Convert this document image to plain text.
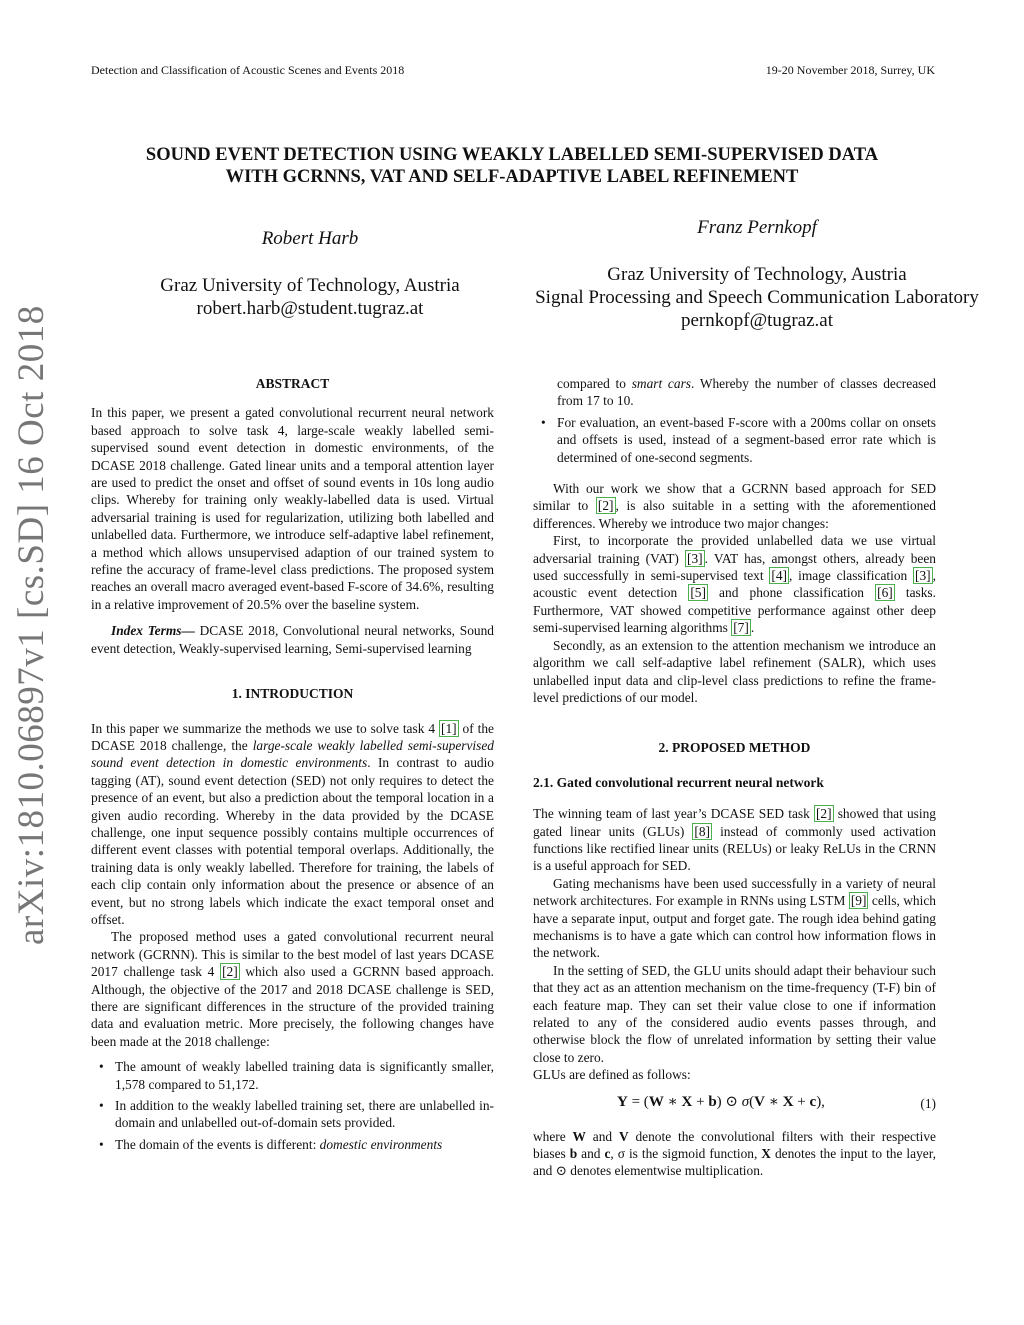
Detection and Classification of Acoustic Scenes and Events 2018	19-20 November 2018, Surrey, UK
SOUND EVENT DETECTION USING WEAKLY LABELLED SEMI-SUPERVISED DATA
WITH GCRNNS, VAT AND SELF-ADAPTIVE LABEL REFINEMENT
Robert Harb
Graz University of Technology, Austria
robert.harb@student.tugraz.at
Franz Pernkopf
Graz University of Technology, Austria
Signal Processing and Speech Communication Laboratory
pernkopf@tugraz.at
arXiv:1810.06897v1 [cs.SD] 16 Oct 2018	ABSTRACT

In this paper, we present a gated convolutional recurrent neural network based approach to solve task 4, large-scale weakly labelled semi-supervised sound event detection in domestic environments, of the DCASE 2018 challenge. Gated linear units and a temporal attention layer are used to predict the onset and offset of sound events in 10s long audio clips. Whereby for training only weakly-labelled data is used. Virtual adversarial training is used for regularization, utilizing both labelled and unlabelled data. Furthermore, we introduce self-adaptive label refinement, a method which allows unsupervised adaption of our trained system to refine the accuracy of frame-level class predictions. The proposed system reaches an overall macro averaged event-based F-score of 34.6%, resulting in a relative improvement of 20.5% over the baseline system.

Index Terms— DCASE 2018, Convolutional neural networks, Sound event detection, Weakly-supervised learning, Semi-supervised learning

1. INTRODUCTION

In this paper we summarize the methods we use to solve task 4 [1] of the DCASE 2018 challenge, the large-scale weakly labelled semi-supervised sound event detection in domestic environments. In contrast to audio tagging (AT), sound event detection (SED) not only requires to detect the presence of an event, but also a prediction about the temporal location in a given audio recording. Whereby in the data provided by the DCASE challenge, one input sequence possibly contains multiple occurrences of different event classes with potential temporal overlaps. Additionally, the training data is only weakly labelled. Therefore for training, the labels of each clip contain only information about the presence or absence of an event, but no strong labels which indicate the exact temporal onset and offset.

The proposed method uses a gated convolutional recurrent neural network (GCRNN). This is similar to the best model of last years DCASE 2017 challenge task 4 [2] which also used a GCRNN based approach. Although, the objective of the 2017 and 2018 DCASE challenge is SED, there are significant differences in the structure of the provided training data and evaluation metric. More precisely, the following changes have been made at the 2018 challenge:

• The amount of weakly labelled training data is significantly smaller, 1,578 compared to 51,172.
• In addition to the weakly labelled training set, there are unlabelled in-domain and unlabelled out-of-domain sets provided.
• The domain of the events is different: domestic environments
compared to smart cars. Whereby the number of classes decreased from 17 to 10.
• For evaluation, an event-based F-score with a 200ms collar on onsets and offsets is used, instead of a segment-based error rate which is determined of one-second segments.

With our work we show that a GCRNN based approach for SED similar to [2] , is also suitable in a setting with the aforementioned differences. Whereby we introduce two major changes:

First, to incorporate the provided unlabelled data we use virtual adversarial training (VAT) [3] . VAT has, amongst others, already been used successfully in semi-supervised text [4] , image classification [3] , acoustic event detection [5] and phone classification [6] tasks. Furthermore, VAT showed competitive performance against other deep semi-supervised learning algorithms [7] .

Secondly, as an extension to the attention mechanism we introduce an algorithm we call self-adaptive label refinement (SALR), which uses unlabelled input data and clip-level class predictions to refine the frame-level predictions of our model.

2. PROPOSED METHOD
2.1. Gated convolutional recurrent neural network

The winning team of last year’s DCASE SED task [2] showed that using gated linear units (GLUs) [8] instead of commonly used activation functions like rectified linear units (RELUs) or leaky ReLUs in the CRNN is a useful approach for SED.

Gating mechanisms have been used successfully in a variety of neural network architectures. For example in RNNs using LSTM [9] cells, which have a separate input, output and forget gate. The rough idea behind gating mechanisms is to have a gate which can control how information flows in the network.

In the setting of SED, the GLU units should adapt their behaviour such that they act as an attention mechanism on the time-frequency (T-F) bin of each feature map. They can set their value close to one if information related to any of the considered audio events passes through, and otherwise block the flow of unrelated information by setting their value close to zero.

GLUs are defined as follows:

Y = (W ∗ X + b) ⊙ σ(V ∗ X + c),	(1)

where W and V denote the convolutional filters with their respective biases b and c, σ is the sigmoid function, X denotes the input to the layer, and ⊙ denotes elementwise multiplication.
